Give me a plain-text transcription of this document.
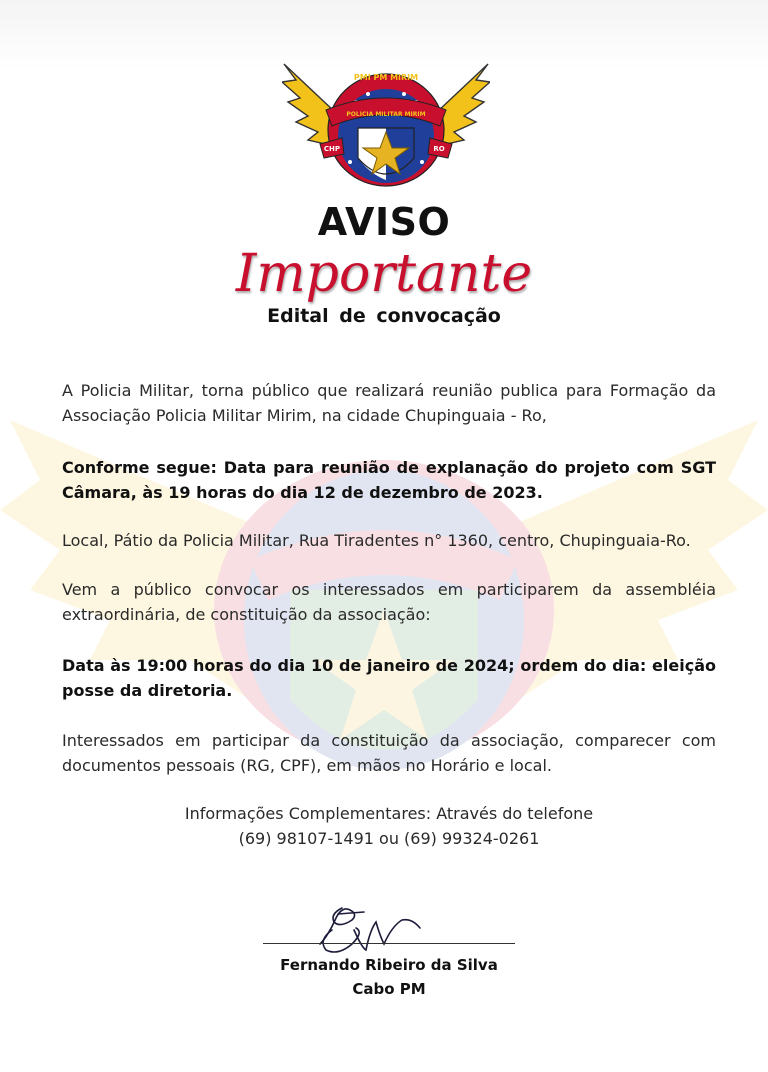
PMI PM MIRIM
POLICIA MILITAR MIRIM
CHP	RO
AVISO
Importante
Edital de convocação

A Policia Militar, torna público que realizará reunião publica para Formação da Associação Policia Militar Mirim, na cidade Chupinguaia - Ro,

Conforme segue: Data para reunião de explanação do projeto com SGT Câmara, às 19 horas do dia 12 de dezembro de 2023.

Local, Pátio da Policia Militar, Rua Tiradentes n° 1360, centro, Chupinguaia-Ro.

Vem a público convocar os interessados em participarem da assembléia extraordinária, de constituição da associação:

Data às 19:00 horas do dia 10 de janeiro de 2024; ordem do dia: eleição posse da diretoria.

Interessados em participar da constituição da associação, comparecer com documentos pessoais (RG, CPF), em mãos no Horário e local.

Informações Complementares: Através do telefone
(69) 98107-1491 ou (69) 99324-0261
Fernando Ribeiro da Silva
Cabo PM
